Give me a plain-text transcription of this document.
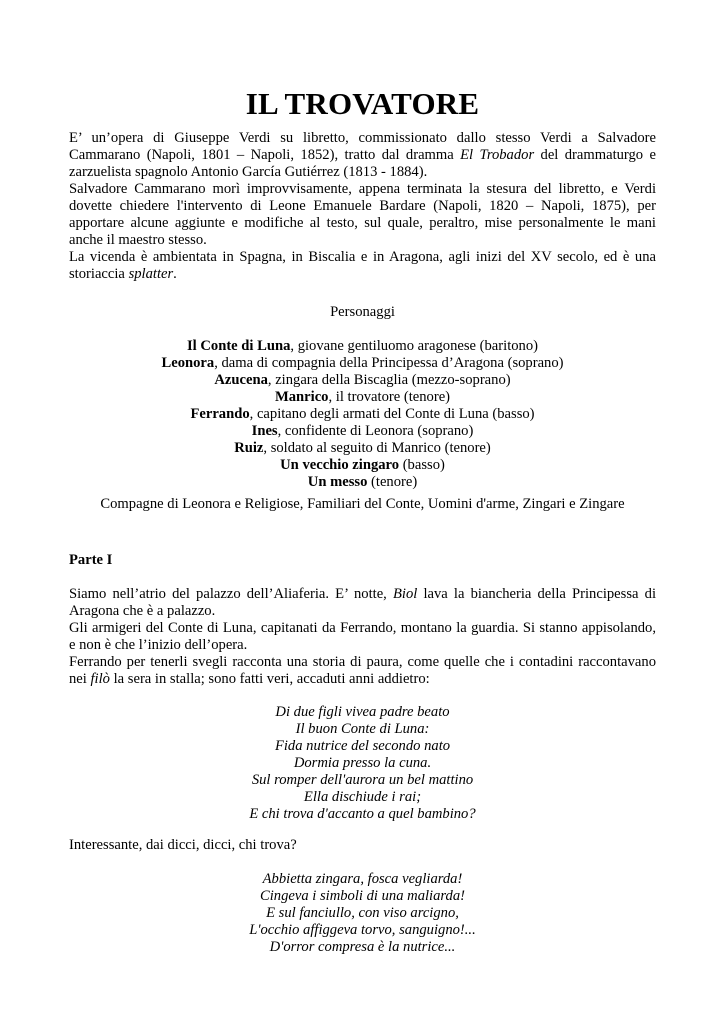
IL TROVATORE

E’ un’opera di Giuseppe Verdi su libretto, commissionato dallo stesso Verdi a Salvadore Cammarano (Napoli, 1801 – Napoli, 1852), tratto dal dramma El Trobador del drammaturgo e zarzuelista spagnolo Antonio García Gutiérrez (1813 - 1884).

Salvadore Cammarano morì improvvisamente, appena terminata la stesura del libretto, e Verdi dovette chiedere l'intervento di Leone Emanuele Bardare (Napoli, 1820 – Napoli, 1875), per apportare alcune aggiunte e modifiche al testo, sul quale, peraltro, mise personalmente le mani anche il maestro stesso.

La vicenda è ambientata in Spagna, in Biscalia e in Aragona, agli inizi del XV secolo, ed è una storiaccia splatter.

Personaggi

Il Conte di Luna, giovane gentiluomo aragonese (baritono)

Leonora, dama di compagnia della Principessa d’Aragona (soprano)

Azucena, zingara della Biscaglia (mezzo-soprano)

Manrico, il trovatore (tenore)

Ferrando, capitano degli armati del Conte di Luna (basso)

Ines, confidente di Leonora (soprano)

Ruiz, soldato al seguito di Manrico (tenore)

Un vecchio zingaro (basso)

Un messo (tenore)

Compagne di Leonora e Religiose, Familiari del Conte, Uomini d'arme, Zingari e Zingare
Parte I

Siamo nell’atrio del palazzo dell’Aliaferia. E’ notte, Biol lava la biancheria della Principessa di Aragona che è a palazzo.

Gli armigeri del Conte di Luna, capitanati da Ferrando, montano la guardia. Si stanno appisolando, e non è che l’inizio dell’opera.

Ferrando per tenerli svegli racconta una storia di paura, come quelle che i contadini raccontavano nei filò la sera in stalla; sono fatti veri, accaduti anni addietro:

Di due figli vivea padre beato

Il buon Conte di Luna:

Fida nutrice del secondo nato

Dormia presso la cuna.

Sul romper dell'aurora un bel mattino

Ella dischiude i rai;

E chi trova d'accanto a quel bambino?

Interessante, dai dicci, dicci, chi trova?

Abbietta zingara, fosca vegliarda!

Cingeva i simboli di una maliarda!

E sul fanciullo, con viso arcigno,

L'occhio affiggeva torvo, sanguigno!...

D'orror compresa è la nutrice...
